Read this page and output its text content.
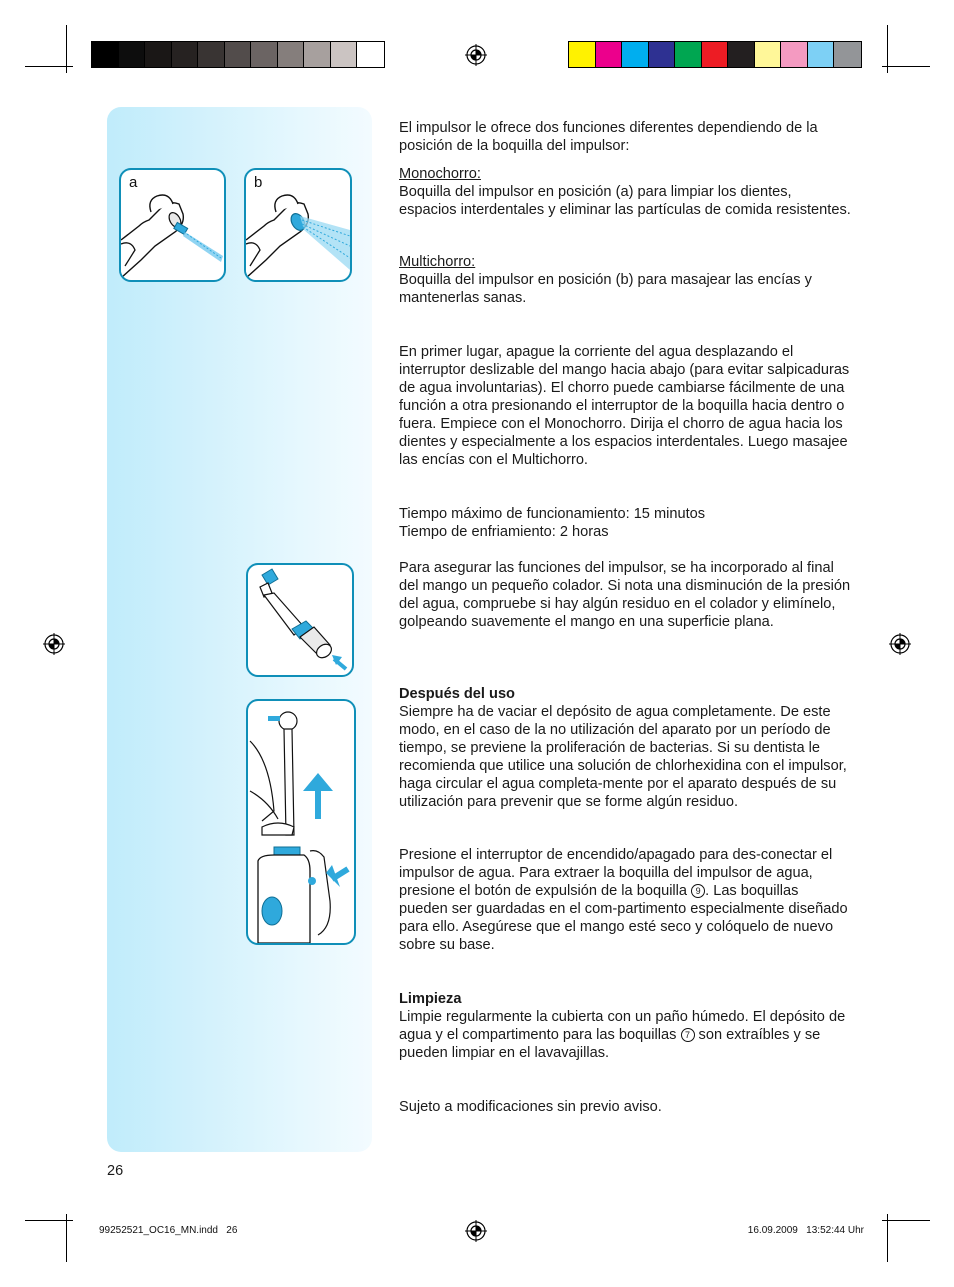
a	b

El impulsor le ofrece dos funciones diferentes dependiendo de la posición de la boquilla del impulsor:

Monochorro:

Boquilla del impulsor en posición (a) para limpiar los dientes, espacios interdentales y eliminar las partículas de comida resistentes.

Multichorro:

Boquilla del impulsor en posición (b) para masajear las encías y mantenerlas sanas.

En primer lugar, apague la corriente del agua desplazando el interruptor deslizable del mango hacia abajo (para evitar salpicaduras de agua involuntarias). El chorro puede cambiarse fácilmente de una función a otra presionando el interruptor de la boquilla hacia dentro o fuera. Empiece con el Monochorro. Dirija el chorro de agua hacia los dientes y especialmente a los espacios interdentales. Luego masajee las encías con el Multichorro.

Tiempo máximo de funcionamiento: 15 minutos

Tiempo de enfriamiento: 2 horas

Para asegurar las funciones del impulsor, se ha incorporado al final del mango un pequeño colador. Si nota una disminución de la presión del agua, compruebe si hay algún residuo en el colador y elimínelo, golpeando suavemente el mango en una superficie plana.

Después del uso

Siempre ha de vaciar el depósito de agua completamente. De este modo, en el caso de la no utilización del aparato por un período de tiempo, se previene la proliferación de bacterias. Si su dentista le recomienda que utilice una solución de chlorhexidina con el impulsor, haga circular el agua completa-mente por el aparato después de su utilización para prevenir que se forme algún residuo.

Presione el interruptor de encendido/apagado para des-conectar el impulsor de agua. Para extraer la boquilla del impulsor de agua, presione el botón de expulsión de la boquilla 9 . Las boquillas pueden ser guardadas en el com-partimento especialmente diseñado para ello. Asegúrese que el mango esté seco y colóquelo de nuevo sobre su base.

Limpieza

Limpie regularmente la cubierta con un paño húmedo. El depósito de agua y el compartimento para las boquillas 7 son extraíbles y se pueden limpiar en el lavavajillas.

Sujeto a modificaciones sin previo aviso.

26
99252521_OC16_MN.indd   26	16.09.2009   13:52:44 Uhr
